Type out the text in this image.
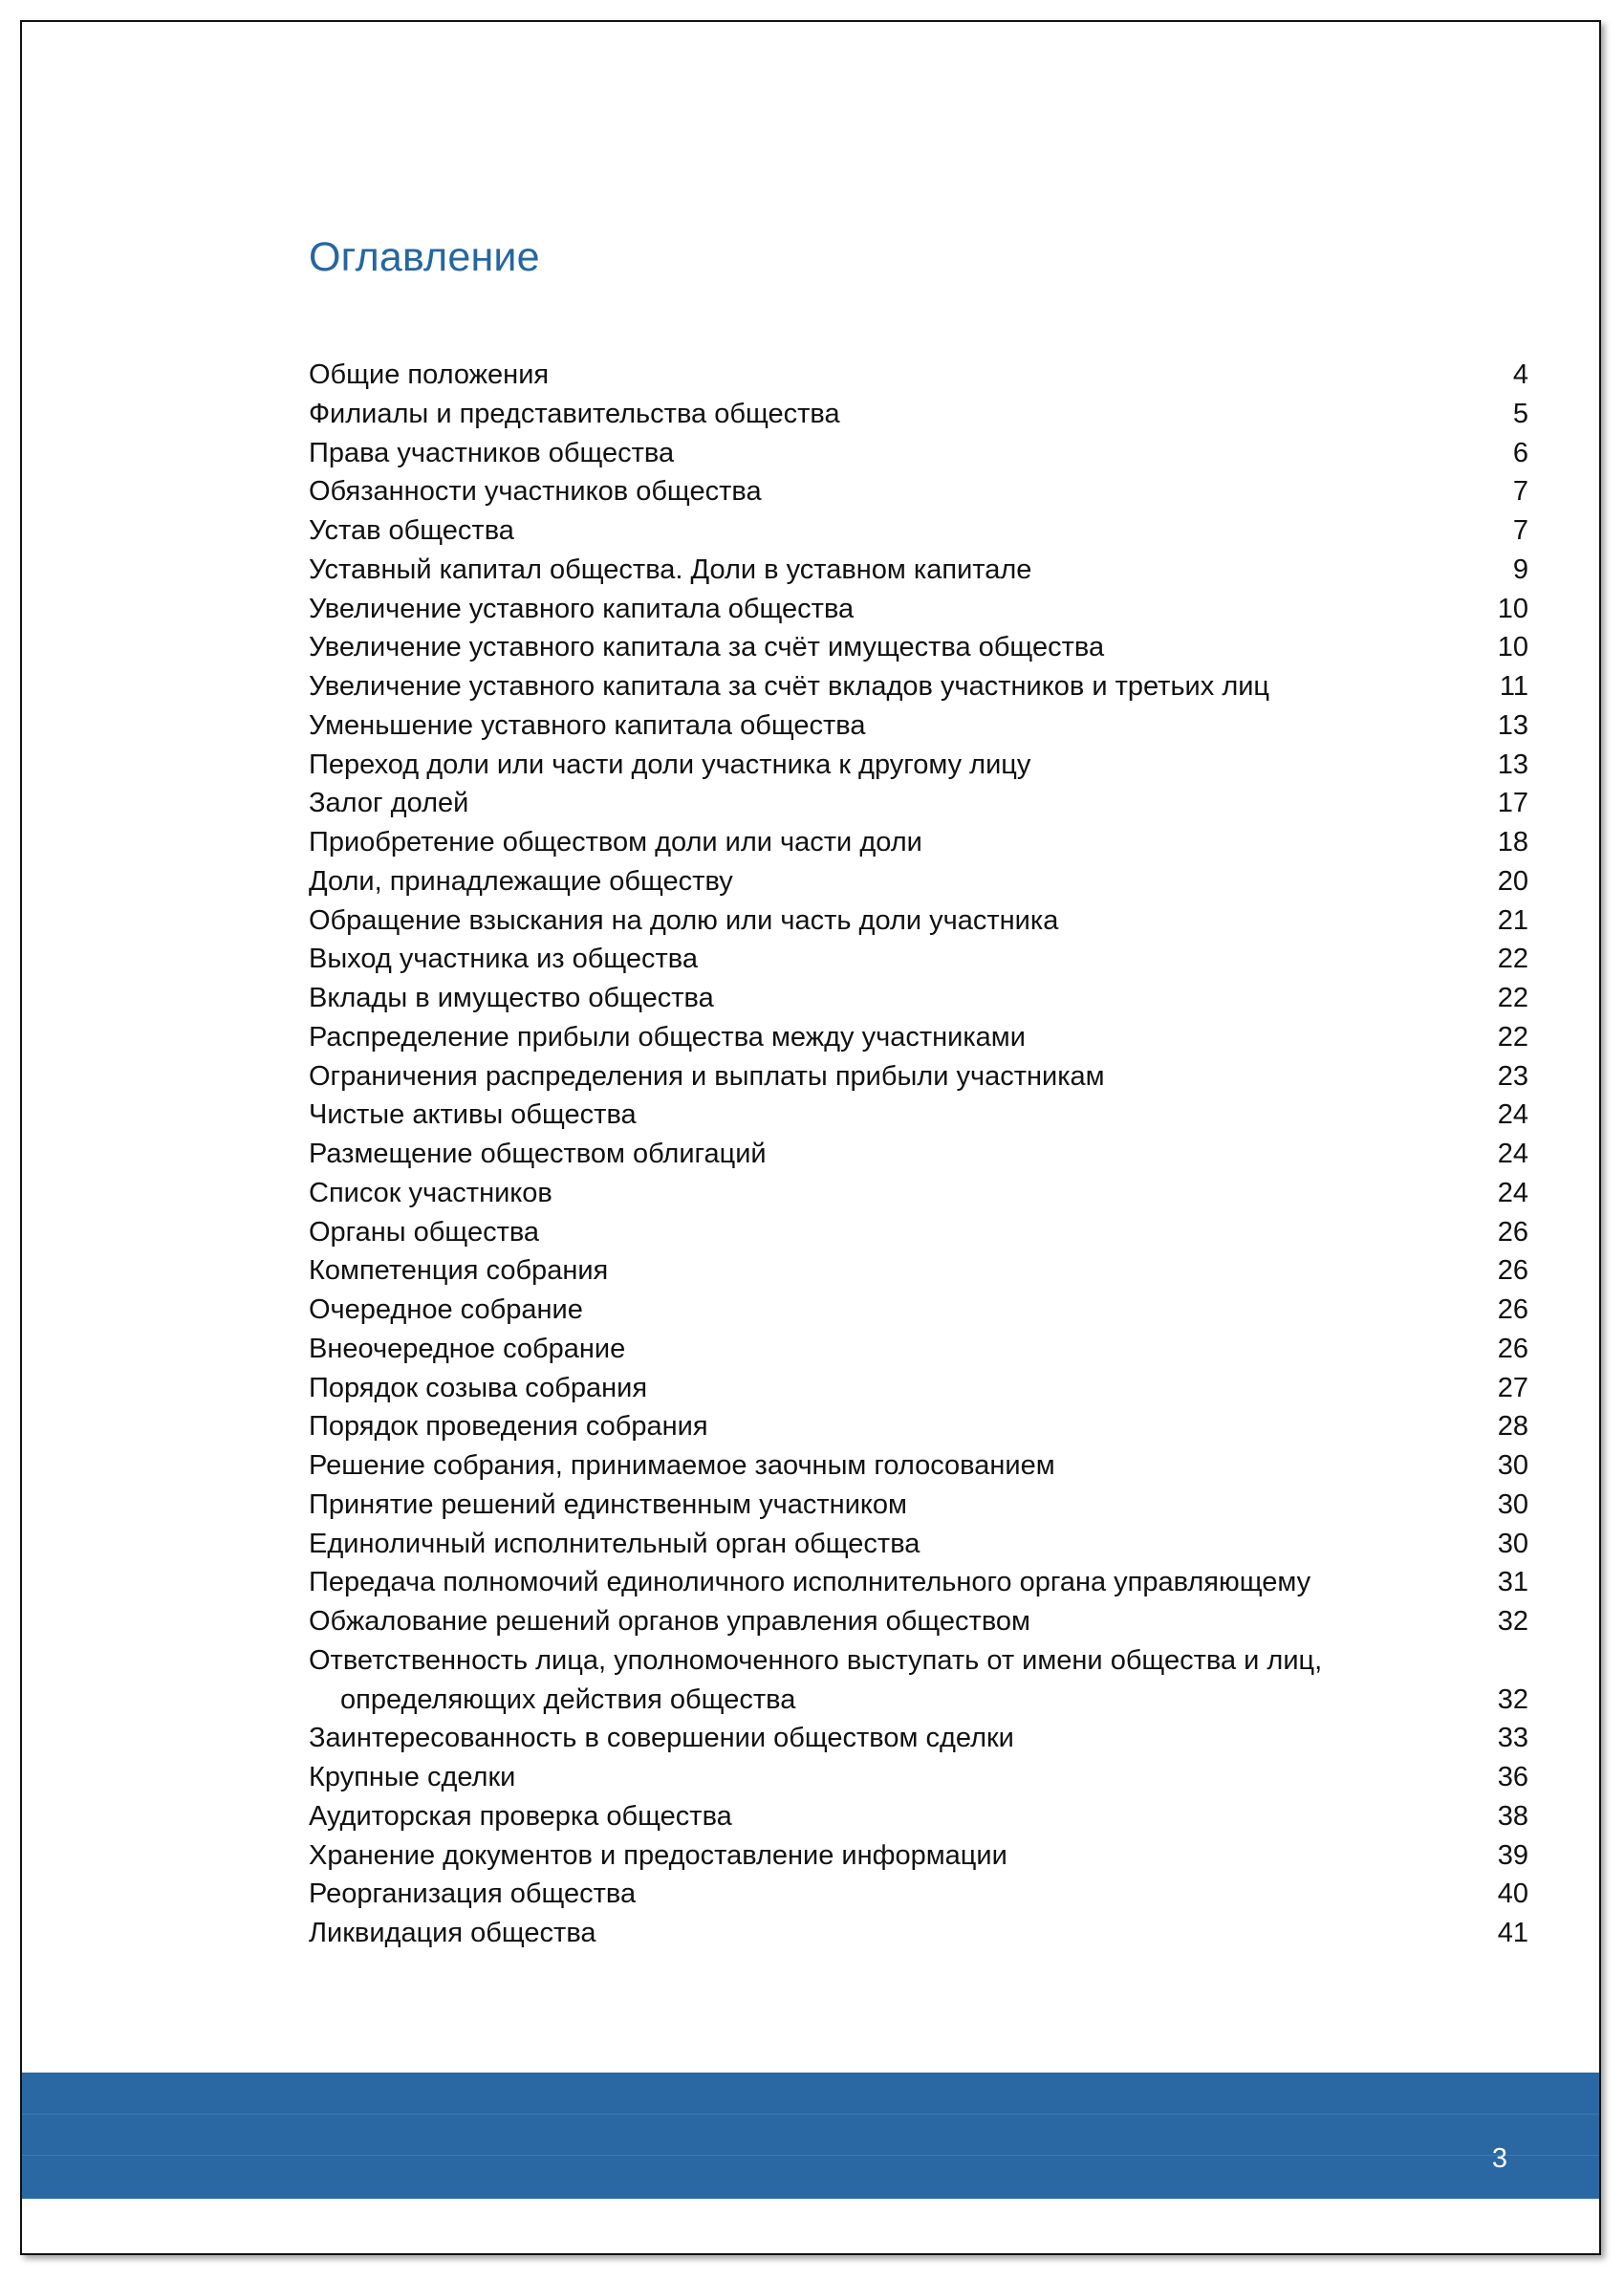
Оглавление
Общие положения	4
Филиалы и представительства общества	5
Права участников общества	6
Обязанности участников общества	7
Устав общества	7
Уставный капитал общества. Доли в уставном капитале	9
Увеличение уставного капитала общества	10
Увеличение уставного капитала за счёт имущества общества	10
Увеличение уставного капитала за счёт вкладов участников и третьих лиц	11
Уменьшение уставного капитала общества	13
Переход доли или части доли участника к другому лицу	13
Залог долей	17
Приобретение обществом доли или части доли	18
Доли, принадлежащие обществу	20
Обращение взыскания на долю или часть доли участника	21
Выход участника из общества	22
Вклады в имущество общества	22
Распределение прибыли общества между участниками	22
Ограничения распределения и выплаты прибыли участникам	23
Чистые активы общества	24
Размещение обществом облигаций	24
Список участников	24
Органы общества	26
Компетенция собрания	26
Очередное собрание	26
Внеочередное собрание	26
Порядок созыва собрания	27
Порядок проведения собрания	28
Решение собрания, принимаемое заочным голосованием	30
Принятие решений единственным участником	30
Единоличный исполнительный орган общества	30
Передача полномочий единоличного исполнительного органа управляющему	31
Обжалование решений органов управления обществом	32
Ответственность лица, уполномоченного выступать от имени общества и лиц,
определяющих действия общества	32
Заинтересованность в совершении обществом сделки	33
Крупные сделки	36
Аудиторская проверка общества	38
Хранение документов и предоставление информации	39
Реорганизация общества	40
Ликвидация общества	41
3
